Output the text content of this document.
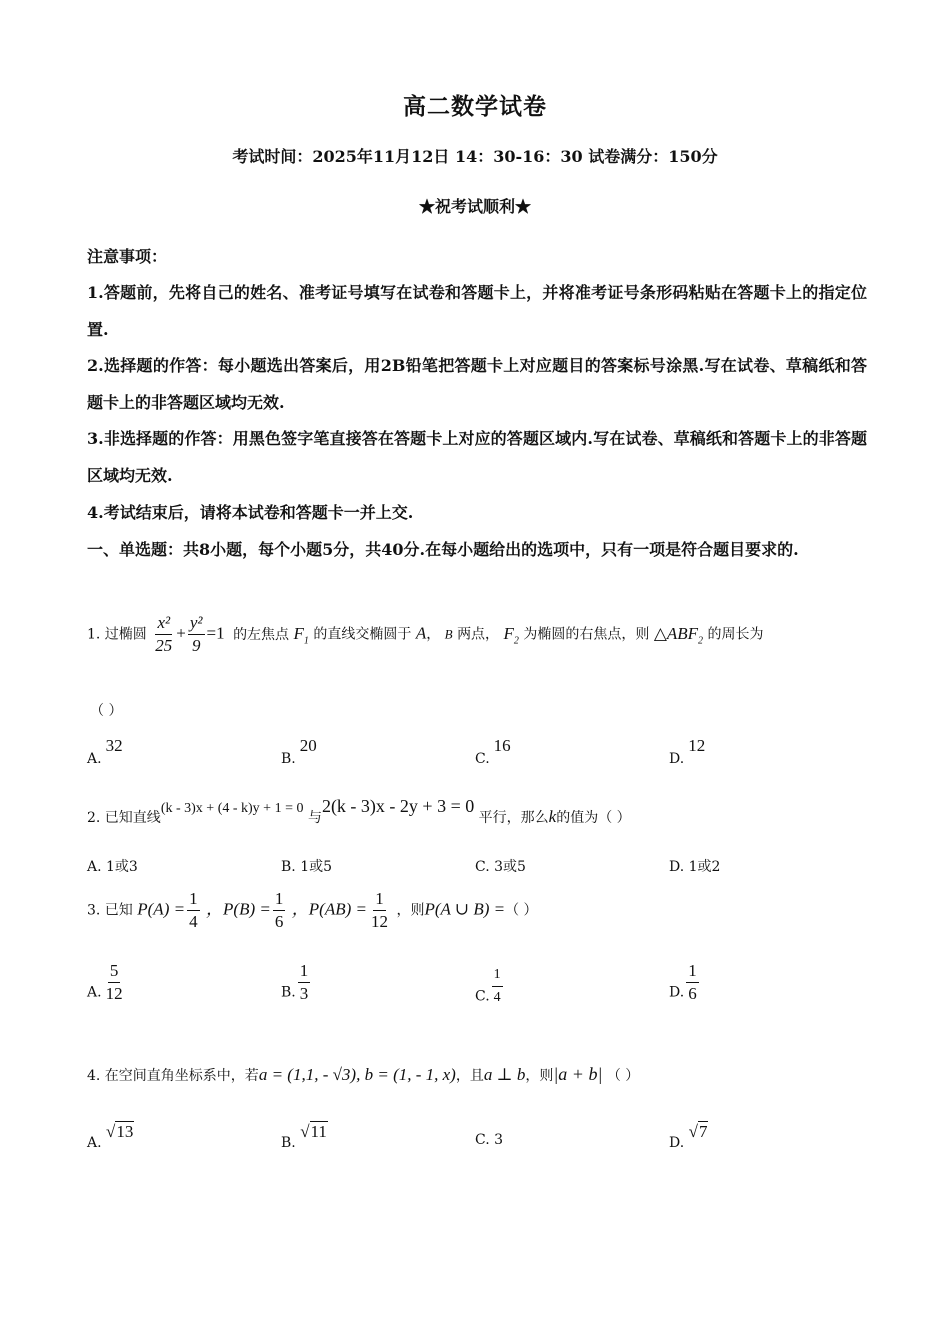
高二数学试卷
考试时间：2025年11月12日 14：30-16：30 试卷满分：150分
★祝考试顺利★
注意事项：
1.答题前，先将自己的姓名、准考证号填写在试卷和答题卡上，并将准考证号条形码粘贴在答题卡上的指定位置.
2.选择题的作答：每小题选出答案后，用2B铅笔把答题卡上对应题目的答案标号涂黑.写在试卷、草稿纸和答题卡上的非答题区域均无效.
3.非选择题的作答：用黑色签字笔直接答在答题卡上对应的答题区域内.写在试卷、草稿纸和答题卡上的非答题区域均无效.
4.考试结束后，请将本试卷和答题卡一并上交.
一、单选题：共8小题，每个小题5分，共40分.在每小题给出的选项中，只有一项是符合题目要求的.
1. 过椭圆 $\frac{\text{x²}}{25} + \frac{\text{y²}}{9} =1$ 的左焦点 $F_1$ 的直线交椭圆于 A， B 两点， $F_2$ 为椭圆的右焦点，则 $\triangle ABF_2$ 的周长为
（ ）
A.32
B.20
C.16
D.12
2. 已知直线(k - 3)x + (4 - k)y + 1 = 0 与2(k - 3)x - 2y + 3 = 0 平行，那么k的值为（ ）
A. 1或3	B. 1或5	C. 3或5	D. 1或2
3. 已知 $P(A) = \frac{1}{4}$ ，$P(B) = \frac{1}{6}$ ，$P(AB) = \frac{1}{12}$ ，则P(A ∪ B) =（ ）
A. $\frac{5}{12}$	B. $\frac{1}{3}$	C. $\frac{1}{4}$	D. $\frac{1}{6}$
4. 在空间直角坐标系中，若a = (1,1, - √3), b = (1, - 1, x)，且a ⊥ b，则|a + b| （ ）
A. √13
B. √11	C. 3	D. √7
